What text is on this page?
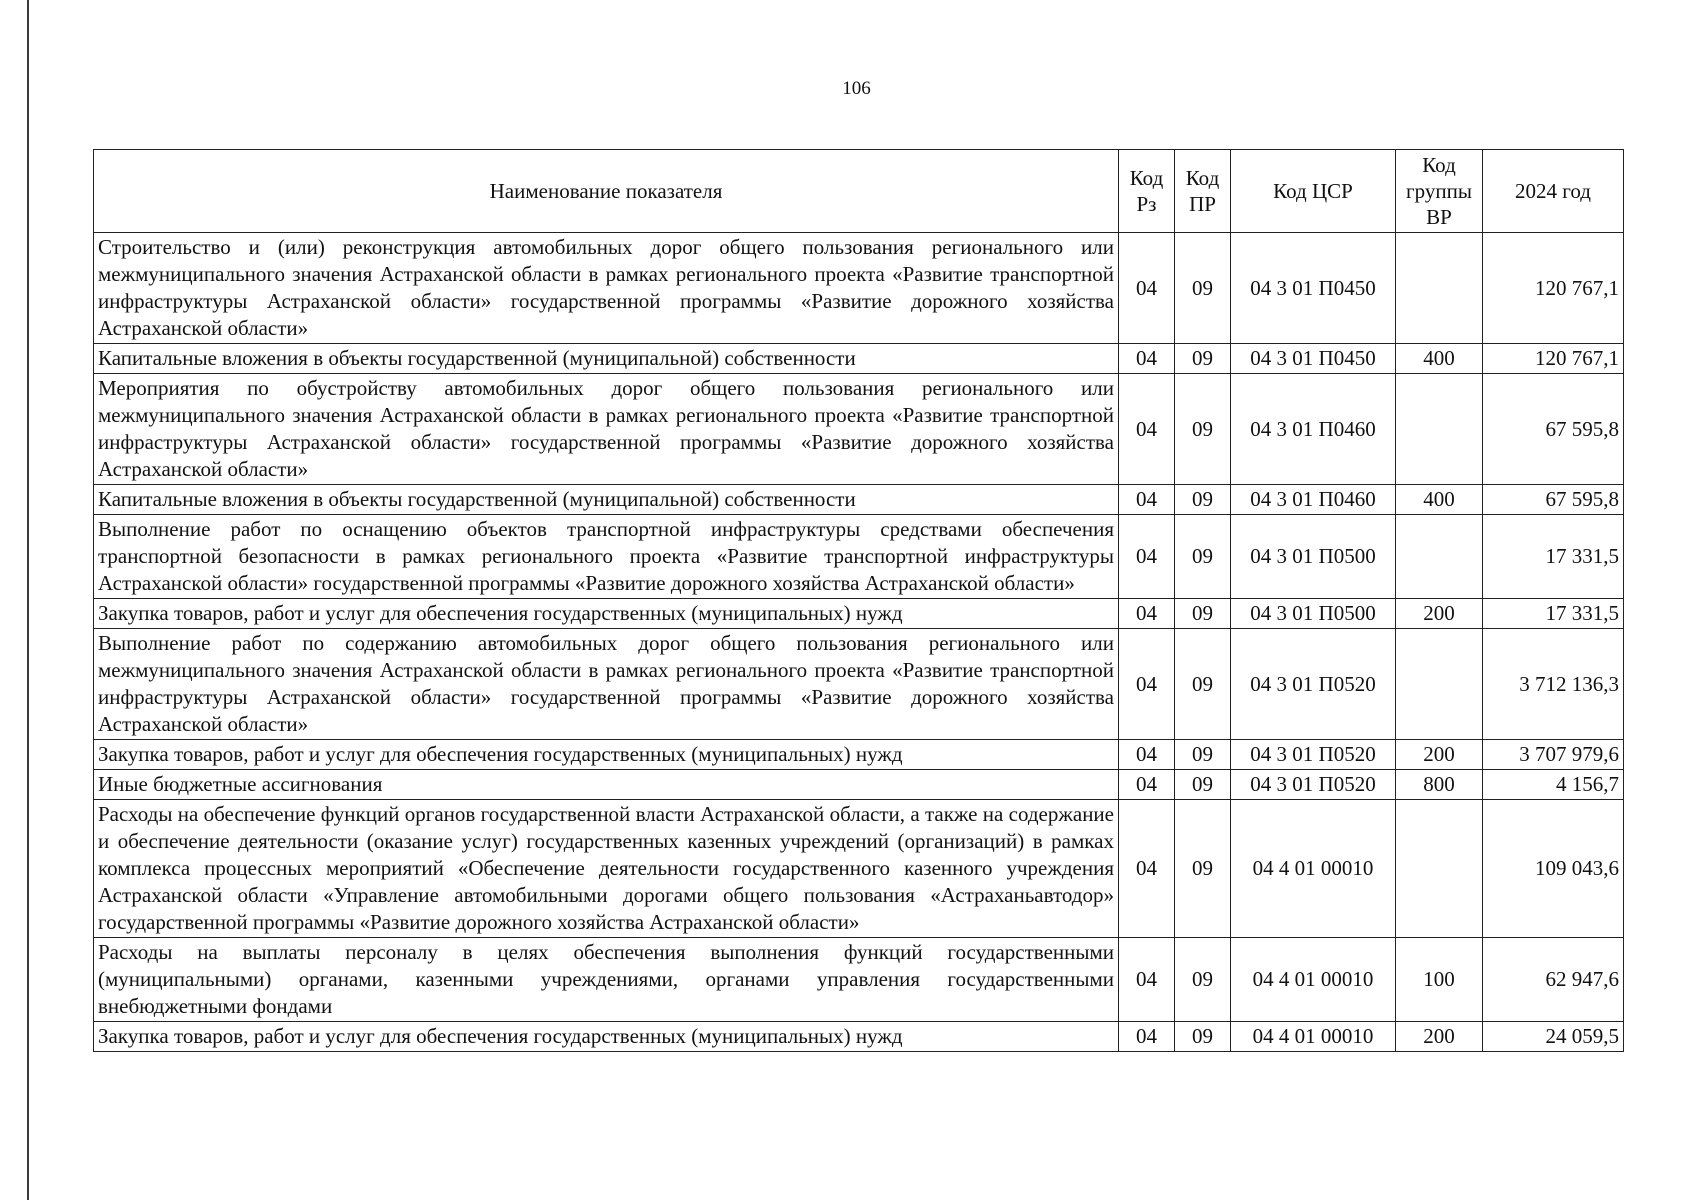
106
Наименование показателя	Код Рз	Код ПР	Код ЦСР	Код группы ВР	2024 год
Строительство и (или) реконструкция автомобильных дорог общего пользования регионального или межмуниципального значения Астраханской области в рамках регионального проекта «Развитие транспортной инфраструктуры Астраханской области» государственной программы «Развитие дорожного хозяйства Астраханской области»	04	09	04 3 01 П0450		120 767,1
Капитальные вложения в объекты государственной (муниципальной) собственности	04	09	04 3 01 П0450	400	120 767,1
Мероприятия по обустройству автомобильных дорог общего пользования регионального или межмуниципального значения Астраханской области в рамках регионального проекта «Развитие транспортной инфраструктуры Астраханской области» государственной программы «Развитие дорожного хозяйства Астраханской области»	04	09	04 3 01 П0460		67 595,8
Капитальные вложения в объекты государственной (муниципальной) собственности	04	09	04 3 01 П0460	400	67 595,8
Выполнение работ по оснащению объектов транспортной инфраструктуры средствами обеспечения транспортной безопасности в рамках регионального проекта «Развитие транспортной инфраструктуры Астраханской области» государственной программы «Развитие дорожного хозяйства Астраханской области»	04	09	04 3 01 П0500		17 331,5
Закупка товаров, работ и услуг для обеспечения государственных (муниципальных) нужд	04	09	04 3 01 П0500	200	17 331,5
Выполнение работ по содержанию автомобильных дорог общего пользования регионального или межмуниципального значения Астраханской области в рамках регионального проекта «Развитие транспортной инфраструктуры Астраханской области» государственной программы «Развитие дорожного хозяйства Астраханской области»	04	09	04 3 01 П0520		3 712 136,3
Закупка товаров, работ и услуг для обеспечения государственных (муниципальных) нужд	04	09	04 3 01 П0520	200	3 707 979,6
Иные бюджетные ассигнования	04	09	04 3 01 П0520	800	4 156,7
Расходы на обеспечение функций органов государственной власти Астраханской области, а также на содержание и обеспечение деятельности (оказание услуг) государственных казенных учреждений (организаций) в рамках комплекса процессных мероприятий «Обеспечение деятельности государственного казенного учреждения Астраханской области «Управление автомобильными дорогами общего пользования «Астраханьавтодор» государственной программы «Развитие дорожного хозяйства Астраханской области»	04	09	04 4 01 00010		109 043,6
Расходы на выплаты персоналу в целях обеспечения выполнения функций государственными (муниципальными) органами, казенными учреждениями, органами управления государственными внебюджетными фондами	04	09	04 4 01 00010	100	62 947,6
Закупка товаров, работ и услуг для обеспечения государственных (муниципальных) нужд	04	09	04 4 01 00010	200	24 059,5
